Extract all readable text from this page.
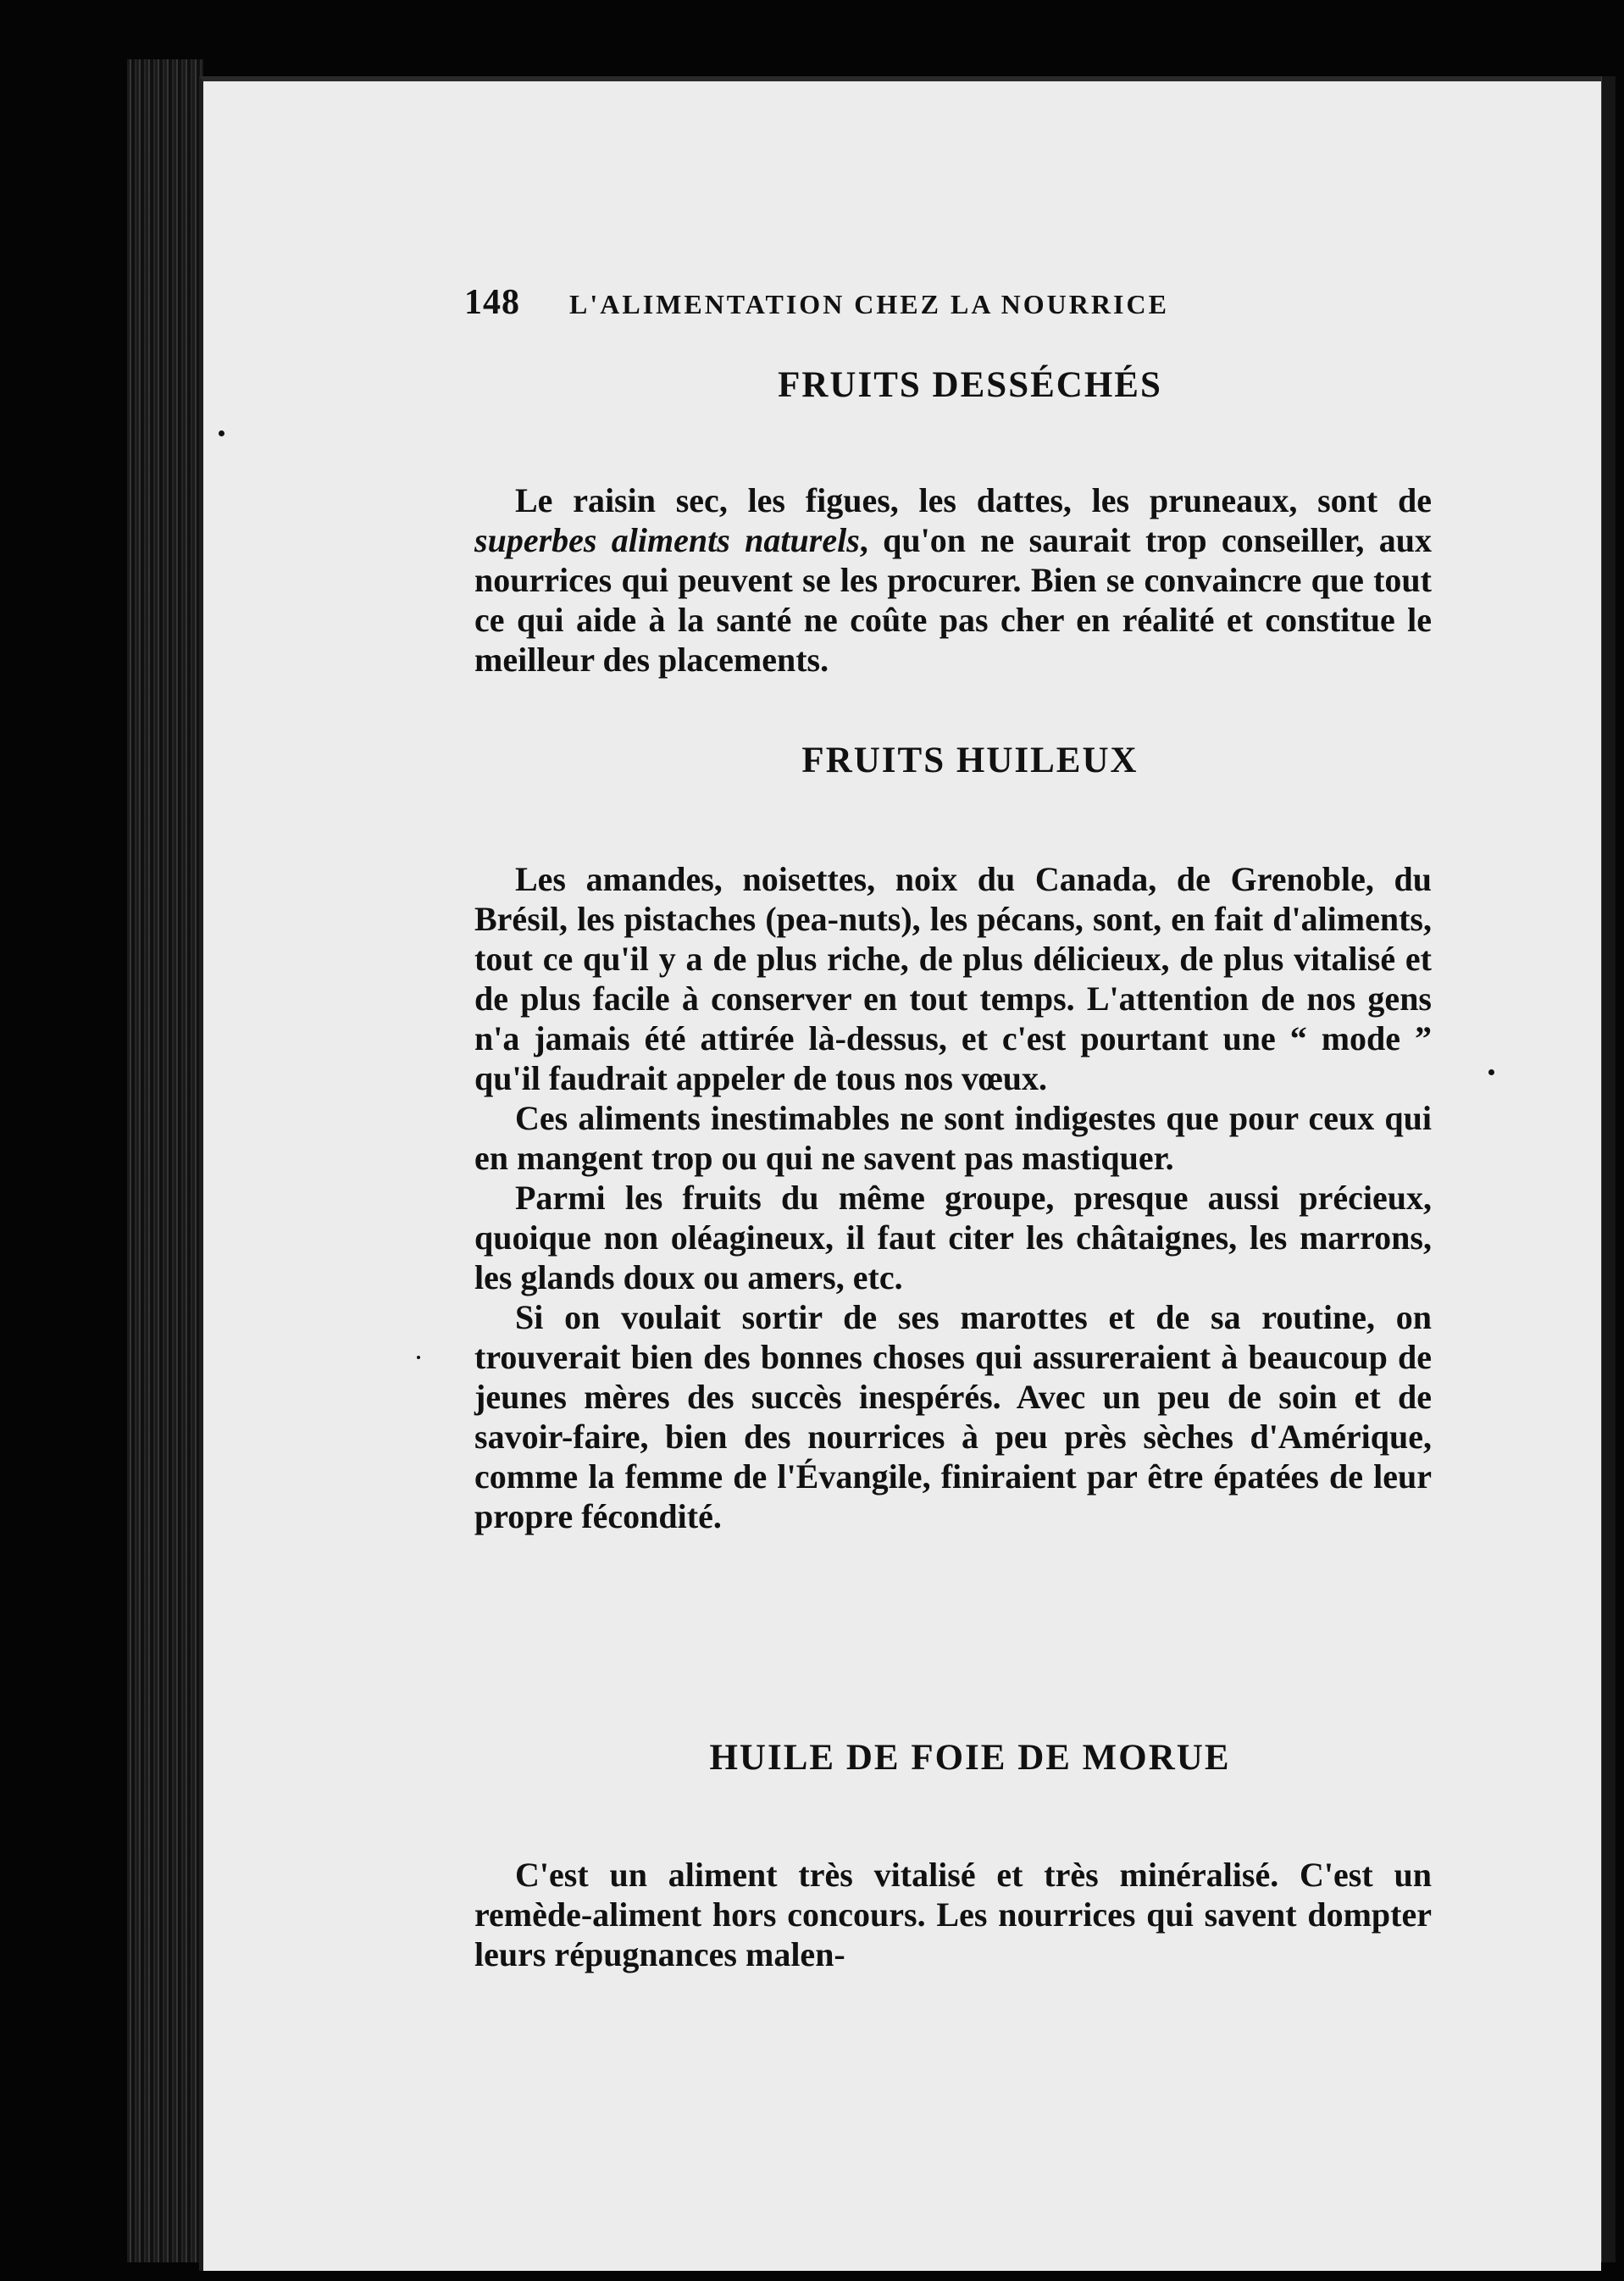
148 L'ALIMENTATION CHEZ LA NOURRICE
FRUITS DESSÉCHÉS

Le raisin sec, les figues, les dattes, les pruneaux, sont de superbes aliments naturels, qu'on ne saurait trop conseiller, aux nourrices qui peuvent se les procurer. Bien se convaincre que tout ce qui aide à la santé ne coûte pas cher en réalité et constitue le meilleur des placements.

FRUITS HUILEUX

Les amandes, noisettes, noix du Canada, de Grenoble, du Brésil, les pistaches (pea-nuts), les pécans, sont, en fait d'aliments, tout ce qu'il y a de plus riche, de plus délicieux, de plus vitalisé et de plus facile à conserver en tout temps. L'attention de nos gens n'a jamais été attirée là-dessus, et c'est pourtant une “ mode ” qu'il faudrait appeler de tous nos vœux.

Ces aliments inestimables ne sont indigestes que pour ceux qui en mangent trop ou qui ne savent pas mastiquer.

Parmi les fruits du même groupe, presque aussi précieux, quoique non oléagineux, il faut citer les châtaignes, les marrons, les glands doux ou amers, etc.

Si on voulait sortir de ses marottes et de sa routine, on trouverait bien des bonnes choses qui assureraient à beaucoup de jeunes mères des succès inespérés. Avec un peu de soin et de savoir-faire, bien des nourrices à peu près sèches d'Amérique, comme la femme de l'Évangile, finiraient par être épatées de leur propre fécondité.

HUILE DE FOIE DE MORUE

C'est un aliment très vitalisé et très minéralisé. C'est un remède-aliment hors concours. Les nourrices qui savent dompter leurs répugnances malen-
